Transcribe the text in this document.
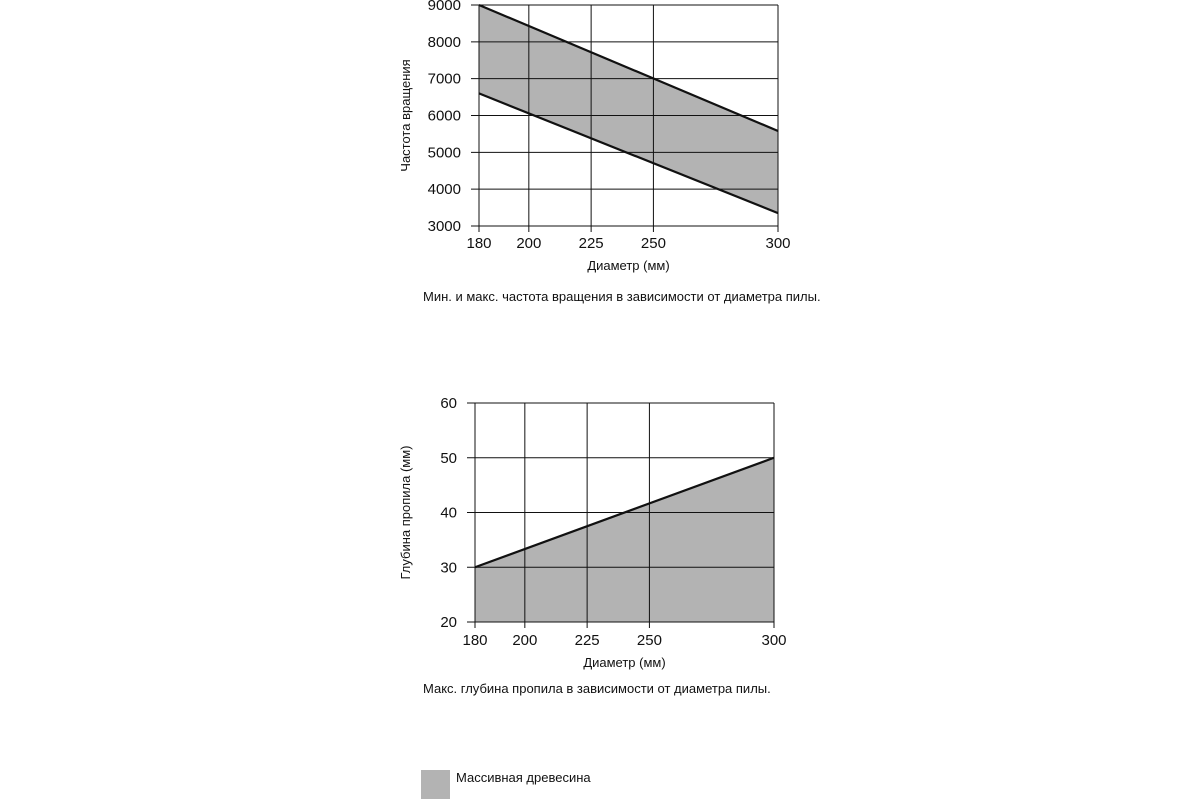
180 200 225 250	300
3000
4000
5000
6000
7000
8000
9000
Диаметр (мм)
Частота вращения
180 200 225 250	300
20
30
40
50
60
Диаметр (мм)
Глубина пропила (мм)
Мин. и макс. частота вращения в зависимости от диаметра пилы.
Макс. глубина пропила в зависимости от диаметра пилы.
Массивная древесина
